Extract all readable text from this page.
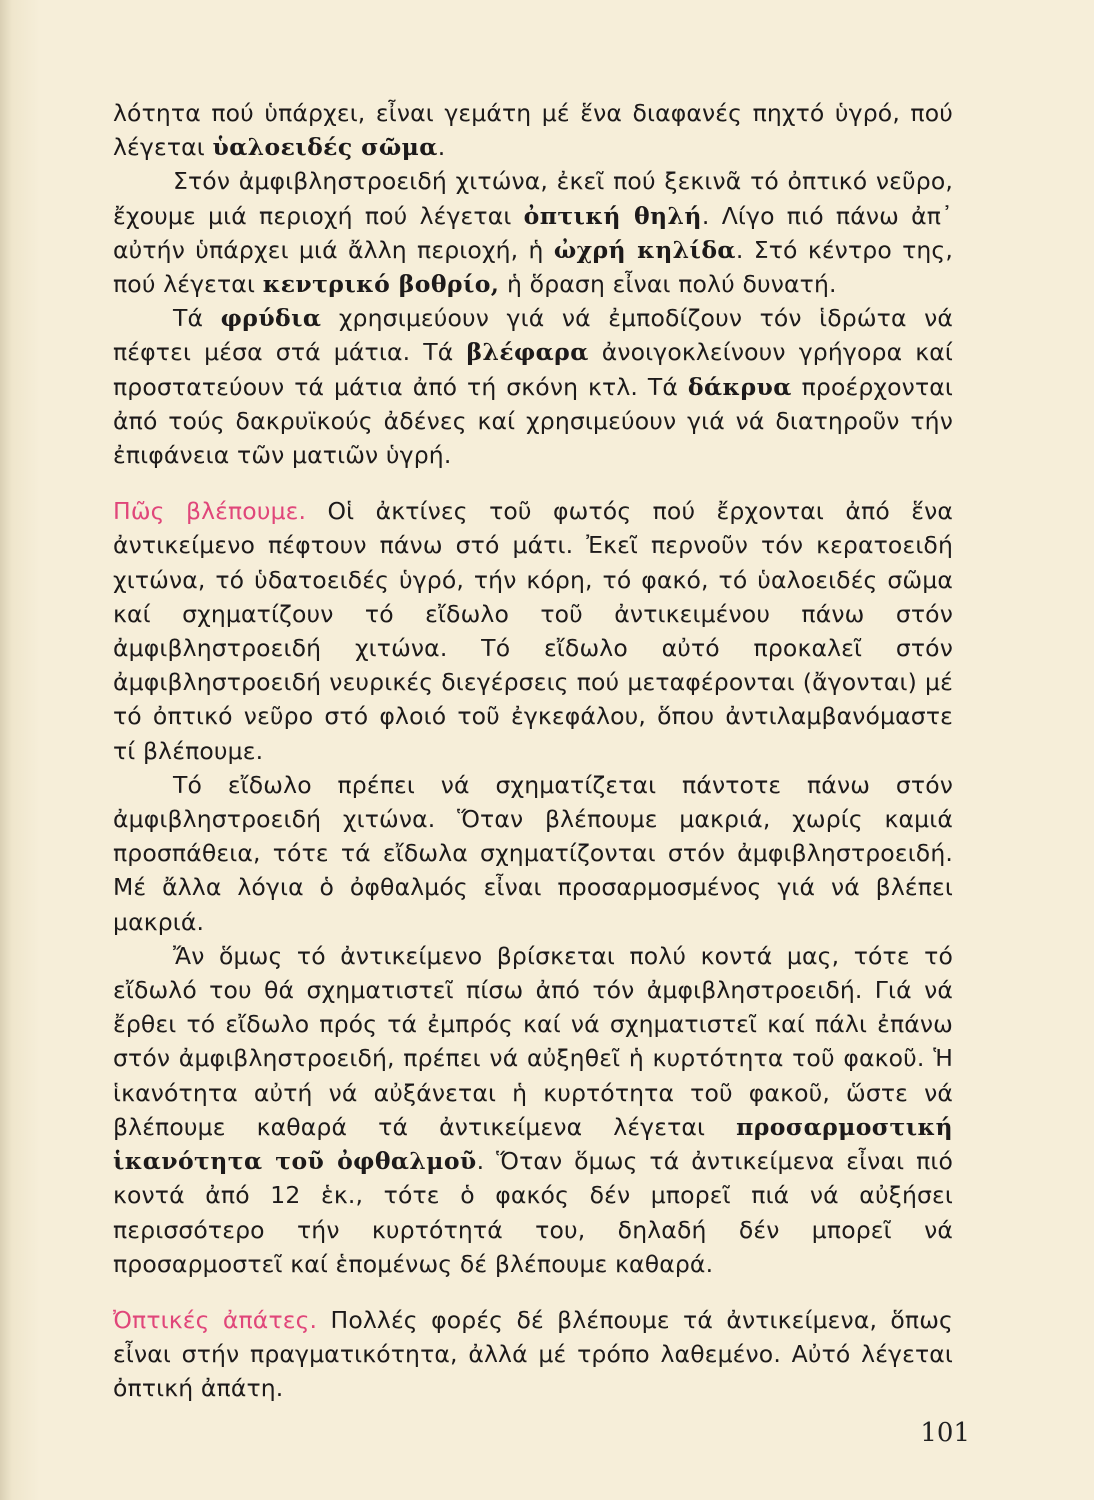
λότητα πού ὑπάρχει, εἶναι γεμάτη μέ ἕνα διαφανές πηχτό ὑγρό, πού λέγεται ὑαλοειδές σῶμα.

Στόν ἀμφιβληστροειδή χιτώνα, ἐκεῖ πού ξεκινᾶ τό ὀπτικό νεῦρο, ἔχουμε μιά περιοχή πού λέγεται ὀπτική θηλή. Λίγο πιό πάνω ἀπ᾽ αὐτήν ὑπάρχει μιά ἄλλη περιοχή, ἡ ὠχρή κηλίδα. Στό κέντρο της, πού λέγεται κεντρικό βοθρίο, ἡ ὅραση εἶναι πολύ δυνατή.

Τά φρύδια χρησιμεύουν γιά νά ἐμποδίζουν τόν ἱδρώτα νά πέφτει μέσα στά μάτια. Τά βλέφαρα ἀνοιγοκλείνουν γρήγορα καί προστατεύουν τά μάτια ἀπό τή σκόνη κτλ. Τά δάκρυα προέρχονται ἀπό τούς δακρυϊκούς ἀδένες καί χρησιμεύουν γιά νά διατηροῦν τήν ἐπιφάνεια τῶν ματιῶν ὑγρή.

Πῶς βλέπουμε. Οἱ ἀκτίνες τοῦ φωτός πού ἔρχονται ἀπό ἕνα ἀντικείμενο πέφτουν πάνω στό μάτι. Ἐκεῖ περνοῦν τόν κερατοειδή χιτώνα, τό ὑδατοειδές ὑγρό, τήν κόρη, τό φακό, τό ὑαλοειδές σῶμα καί σχηματίζουν τό εἴδωλο τοῦ ἀντικειμένου πάνω στόν ἀμφιβληστροειδή χιτώνα. Τό εἴδωλο αὐτό προκαλεῖ στόν ἀμφιβληστροειδή νευρικές διεγέρσεις πού μεταφέρονται (ἄγονται) μέ τό ὀπτικό νεῦρο στό φλοιό τοῦ ἐγκεφάλου, ὅπου ἀντιλαμβανόμαστε τί βλέπουμε.

Τό εἴδωλο πρέπει νά σχηματίζεται πάντοτε πάνω στόν ἀμφιβληστροειδή χιτώνα. Ὅταν βλέπουμε μακριά, χωρίς καμιά προσπάθεια, τότε τά εἴδωλα σχηματίζονται στόν ἀμφιβληστροειδή. Μέ ἄλλα λόγια ὁ ὀφθαλμός εἶναι προσαρμοσμένος γιά νά βλέπει μακριά.

Ἄν ὅμως τό ἀντικείμενο βρίσκεται πολύ κοντά μας, τότε τό εἴδωλό του θά σχηματιστεῖ πίσω ἀπό τόν ἀμφιβληστροειδή. Γιά νά ἔρθει τό εἴδωλο πρός τά ἐμπρός καί νά σχηματιστεῖ καί πάλι ἐπάνω στόν ἀμφιβληστροειδή, πρέπει νά αὐξηθεῖ ἡ κυρτότητα τοῦ φακοῦ. Ἡ ἱκανότητα αὐτή νά αὐξάνεται ἡ κυρτότητα τοῦ φακοῦ, ὥστε νά βλέπουμε καθαρά τά ἀντικείμενα λέγεται προσαρμοστική ἱκανότητα τοῦ ὀφθαλμοῦ. Ὅταν ὅμως τά ἀντικείμενα εἶναι πιό κοντά ἀπό 12 ἑκ., τότε ὁ φακός δέν μπορεῖ πιά νά αὐξήσει περισσότερο τήν κυρτότητά του, δηλαδή δέν μπορεῖ νά προσαρμοστεῖ καί ἑπομένως δέ βλέπουμε καθαρά.

Ὀπτικές ἀπάτες. Πολλές φορές δέ βλέπουμε τά ἀντικείμενα, ὅπως εἶναι στήν πραγματικότητα, ἀλλά μέ τρόπο λαθεμένο. Αὐτό λέγεται ὀπτική ἀπάτη.

101
